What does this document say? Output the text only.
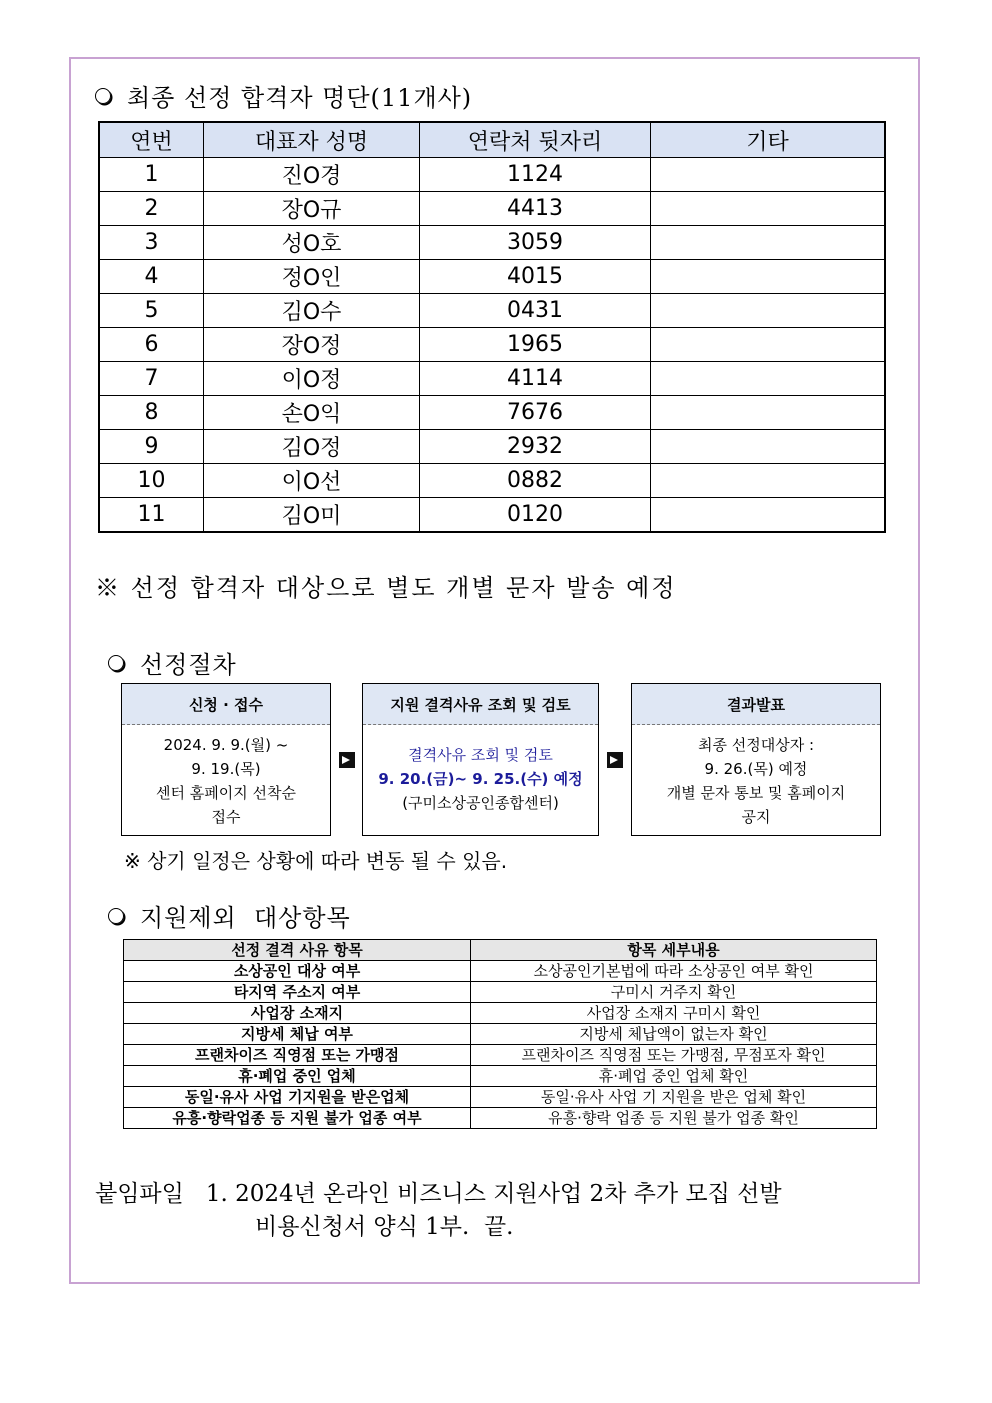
최종 선정 합격자 명단(11개사)
연번	대표자 성명	연락처 뒷자리	기타
1	진O경	1124	
2	장O규	4413	
3	성O호	3059	
4	정O인	4015	
5	김O수	0431	
6	장O정	1965	
7	이O정	4114	
8	손O익	7676	
9	김O정	2932	
10	이O선	0882	
11	김O미	0120	
※ 선정 합격자 대상으로 별도 개별 문자 발송 예정
선정절차
신청 · 접수
2024. 9. 9.(월) ~
9. 19.(목)
센터 홈페이지 선착순
접수
지원 결격사유 조회 및 검토
결격사유 조회 및 검토
9. 20.(금)~ 9. 25.(수) 예정
(구미소상공인종합센터)
결과발표
최종 선정대상자 :
9. 26.(목) 예정
개별 문자 통보 및 홈페이지
공지
※ 상기 일정은 상황에 따라 변동 될 수 있음.
지원제외  대상항목
선정 결격 사유 항목	항목 세부내용
소상공인 대상 여부	소상공인기본법에 따라 소상공인 여부 확인
타지역 주소지 여부	구미시 거주지 확인
사업장 소재지	사업장 소재지 구미시 확인
지방세 체납 여부	지방세 체납액이 없는자 확인
프랜차이즈 직영점 또는 가맹점	프랜차이즈 직영점 또는 가맹점, 무점포자 확인
휴·폐업 중인 업체	휴·폐업 중인 업체 확인
동일·유사 사업 기지원을 받은업체	동일·유사 사업 기 지원을 받은 업체 확인
유흥·향락업종 등 지원 불가 업종 여부	유흥·향락 업종 등 지원 불가 업종 확인
붙임파일 1. 2024년 온라인 비즈니스 지원사업 2차 추가 모집 선발
비용신청서 양식 1부.  끝.
